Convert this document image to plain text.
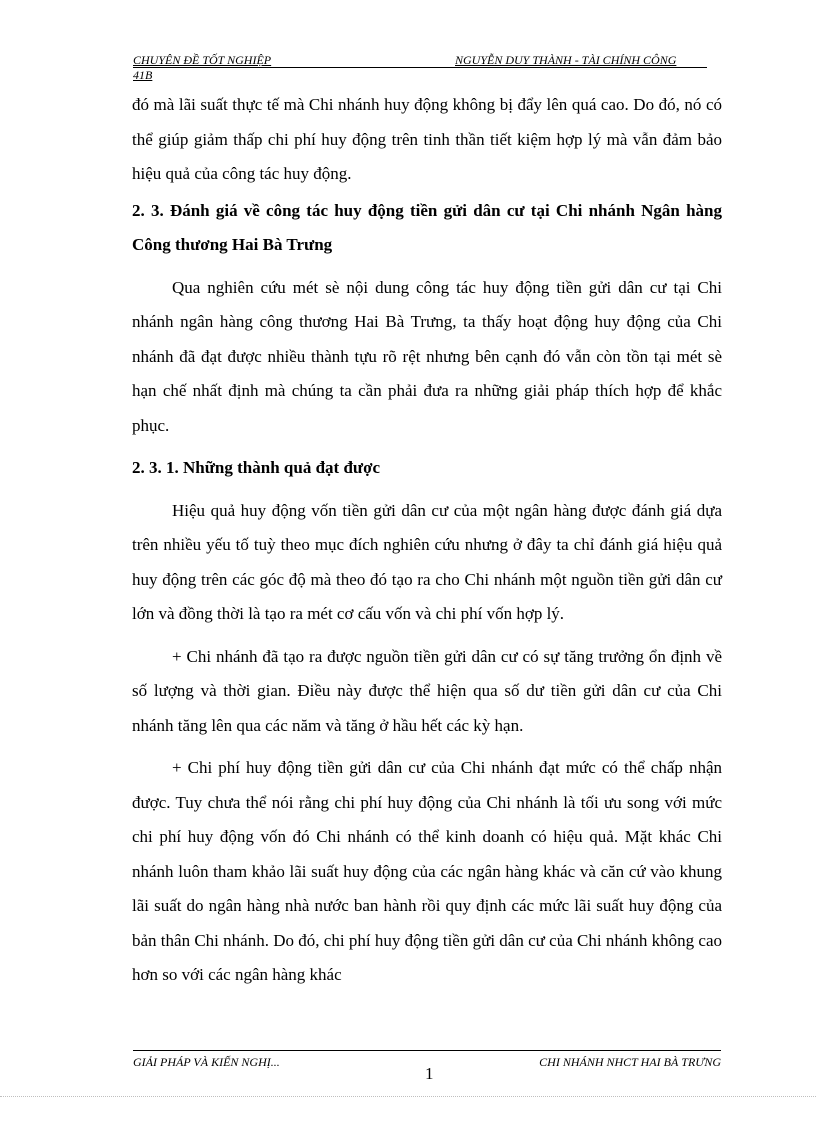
CHUYÊN ĐỀ TỐT NGHIỆP	NGUYỄN DUY THÀNH - TÀI CHÍNH CÔNG
41B

đó mà lãi suất thực tế mà Chi nhánh huy động không bị đẩy lên quá cao. Do đó, nó có thể giúp giảm thấp chi phí huy động trên tinh thần tiết kiệm hợp lý mà vẫn đảm bảo hiệu quả của công tác huy động.

2. 3. Đánh giá về công tác huy động tiền gửi dân cư tại Chi nhánh Ngân hàng Công thương Hai Bà Trưng

Qua nghiên cứu mét sè nội dung công tác huy động tiền gửi dân cư tại Chi nhánh ngân hàng công thương Hai Bà Trưng, ta thấy hoạt động huy động của Chi nhánh đã đạt được nhiều thành tựu rõ rệt nhưng bên cạnh đó vẫn còn tồn tại mét sè hạn chế nhất định mà chúng ta cần phải đưa ra những giải pháp thích hợp để khắc phục.

2. 3. 1. Những thành quả đạt được

Hiệu quả huy động vốn tiền gửi dân cư của một ngân hàng được đánh giá dựa trên nhiều yếu tố tuỳ theo mục đích nghiên cứu nhưng ở đây ta chỉ đánh giá hiệu quả huy động trên các góc độ mà theo đó tạo ra cho Chi nhánh một nguồn tiền gửi dân cư lớn và đồng thời là tạo ra mét cơ cấu vốn và chi phí vốn hợp lý.

+ Chi nhánh đã tạo ra được nguồn tiền gửi dân cư có sự tăng trưởng ổn định về số lượng và thời gian. Điều này được thể hiện qua số dư tiền gửi dân cư của Chi nhánh tăng lên qua các năm và tăng ở hầu hết các kỳ hạn.

+ Chi phí huy động tiền gửi dân cư của Chi nhánh đạt mức có thể chấp nhận được. Tuy chưa thể nói rằng chi phí huy động của Chi nhánh là tối ưu song với mức chi phí huy động vốn đó Chi nhánh có thể kinh doanh có hiệu quả. Mặt khác Chi nhánh luôn tham khảo lãi suất huy động của các ngân hàng khác và căn cứ vào khung lãi suất do ngân hàng nhà nước ban hành rồi quy định các mức lãi suất huy động của bản thân Chi nhánh. Do đó, chi phí huy động tiền gửi dân cư của Chi nhánh không cao hơn so với các ngân hàng khác

GIẢI PHÁP VÀ KIẾN NGHỊ...
1
CHI NHÁNH NHCT HAI BÀ TRƯNG
